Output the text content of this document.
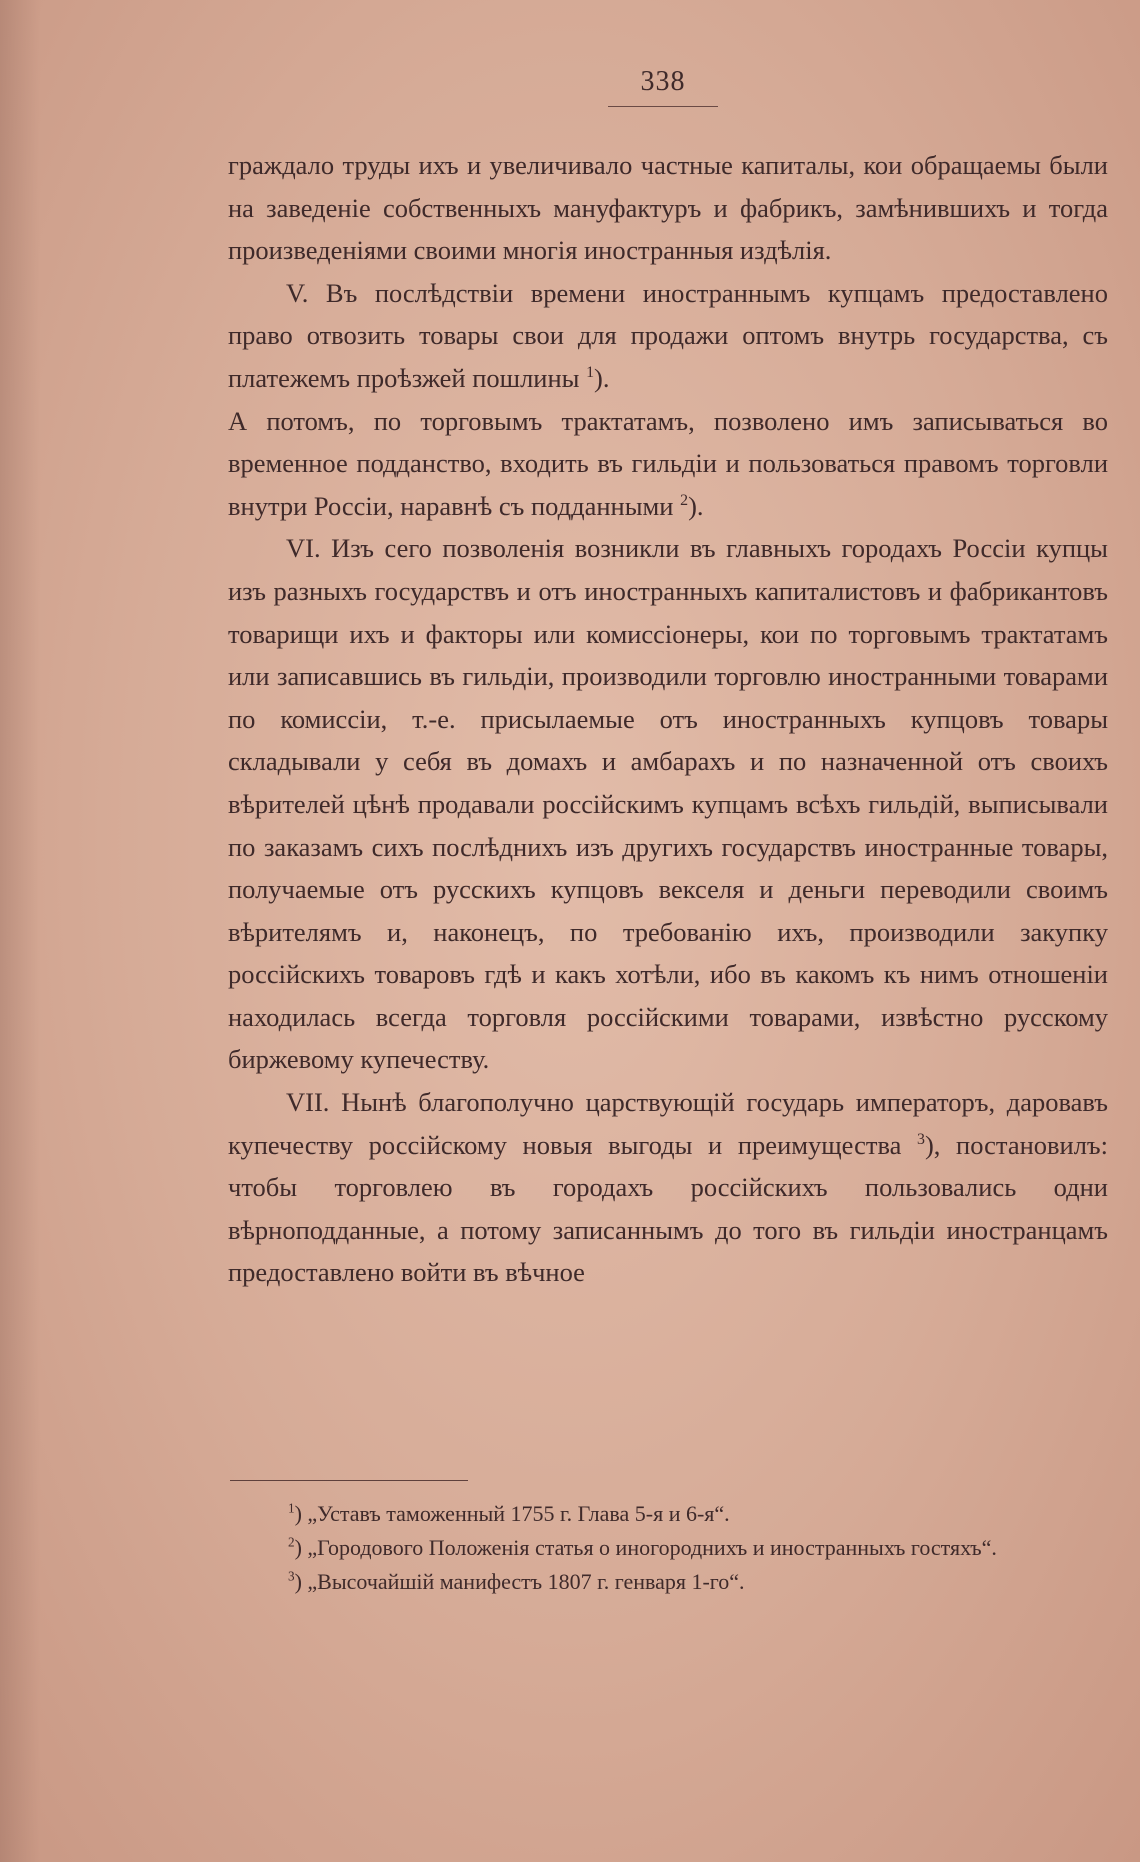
338

граждало труды ихъ и увеличивало частные капиталы, кои обращаемы были на заведеніе собственныхъ мануфактуръ и фабрикъ, замѣнившихъ и тогда произведеніями своими многія иностранныя издѣлія.

V. Въ послѣдствіи времени иностраннымъ купцамъ предоставлено право отвозить товары свои для продажи оптомъ внутрь государства, съ платежемъ проѣзжей пошлины $^1$).

А потомъ, по торговымъ трактатамъ, позволено имъ записываться во временное подданство, входить въ гильдіи и пользоваться правомъ торговли внутри Россіи, наравнѣ съ подданными $^2$).

VI. Изъ сего позволенія возникли въ главныхъ городахъ Россіи купцы изъ разныхъ государствъ и отъ иностранныхъ капиталистовъ и фабрикантовъ товарищи ихъ и факторы или комиссіонеры, кои по торговымъ трактатамъ или записавшись въ гильдіи, производили торговлю иностранными товарами по комиссіи, т.-е. присылаемые отъ иностранныхъ купцовъ товары складывали у себя въ домахъ и амбарахъ и по назначенной отъ своихъ вѣрителей цѣнѣ продавали россійскимъ купцамъ всѣхъ гильдій, выписывали по заказамъ сихъ послѣднихъ изъ другихъ государствъ иностранные товары, получаемые отъ русскихъ купцовъ векселя и деньги переводили своимъ вѣрителямъ и, наконецъ, по требованію ихъ, производили закупку россійскихъ товаровъ гдѣ и какъ хотѣли, ибо въ какомъ къ нимъ отношеніи находилась всегда торговля россійскими товарами, извѣстно русскому биржевому купечеству.

VII. Нынѣ благополучно царствующій государь императоръ, даровавъ купечеству россійскому новыя выгоды и преимущества $^3$), постановилъ: чтобы торговлею въ городахъ россійскихъ пользовались одни вѣрноподданные, а потому записаннымъ до того въ гильдіи иностранцамъ предоставлено войти въ вѣчное

$^1$) „Уставъ таможенный 1755 г. Глава 5-я и 6-я“.

$^2$) „Городового Положенія статья о иногороднихъ и иностранныхъ гостяхъ“.

$^3$) „Высочайшій манифестъ 1807 г. генваря 1-го“.
